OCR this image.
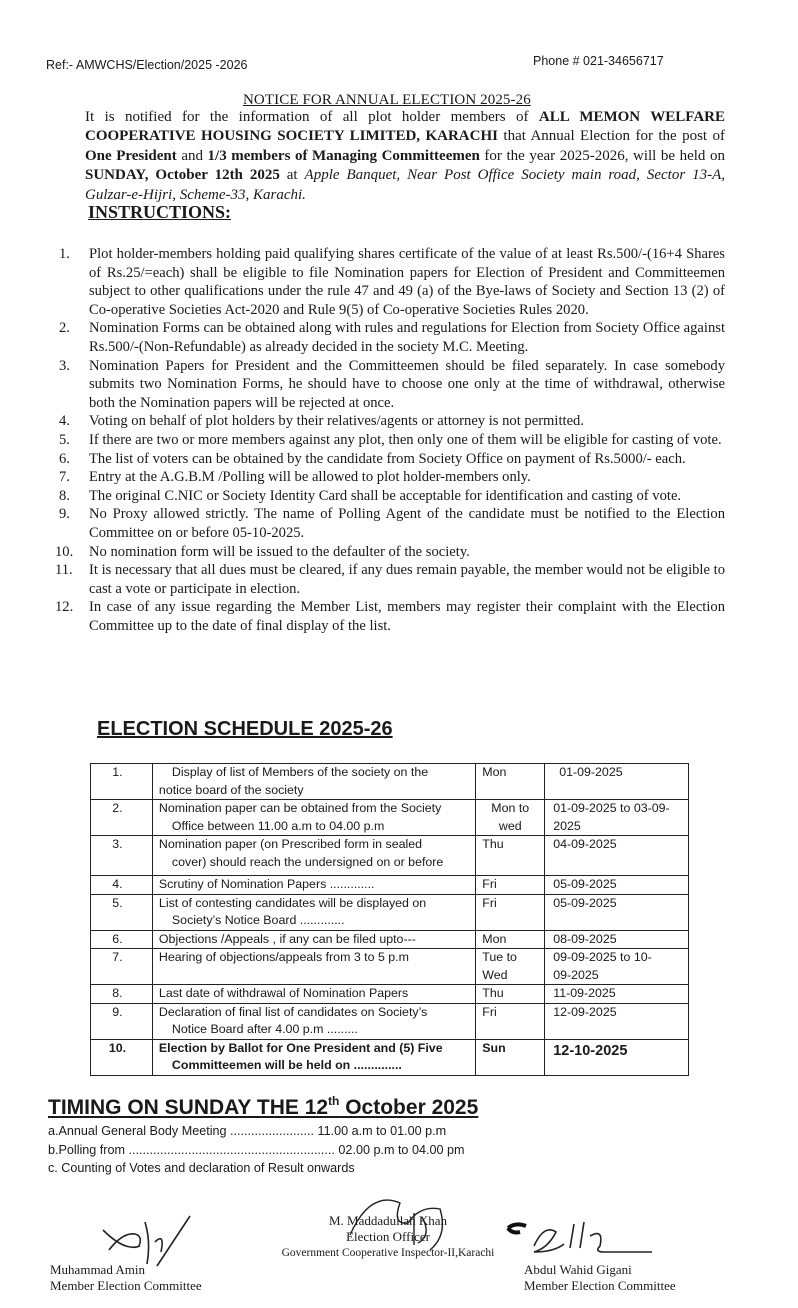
Ref:- AMWCHS/Election/2025 -2026	Phone # 021-34656717
NOTICE FOR ANNUAL ELECTION 2025-26
It is notified for the information of all plot holder members of ALL MEMON WELFARE COOPERATIVE HOUSING SOCIETY LIMITED, KARACHI that Annual Election for the post of One President and 1/3 members of Managing Committeemen for the year 2025-2026, will be held on SUNDAY, October 12th 2025 at Apple Banquet, Near Post Office Society main road, Sector 13-A, Gulzar-e-Hijri, Scheme-33, Karachi.
INSTRUCTIONS:
1.	Plot holder-members holding paid qualifying shares certificate of the value of at least Rs.500/-(16+4 Shares of Rs.25/=each) shall be eligible to file Nomination papers for Election of President and Committeemen subject to other qualifications under the rule 47 and 49 (a) of the Bye-laws of Society and Section 13 (2) of Co-operative Societies Act-2020 and Rule 9(5) of Co-operative Societies Rules 2020.
2.	Nomination Forms can be obtained along with rules and regulations for Election from Society Office against Rs.500/-(Non-Refundable) as already decided in the society M.C. Meeting.
3.	Nomination Papers for President and the Committeemen should be filed separately. In case somebody submits two Nomination Forms, he should have to choose one only at the time of withdrawal, otherwise both the Nomination papers will be rejected at once.
4.	Voting on behalf of plot holders by their relatives/agents or attorney is not permitted.
5.	If there are two or more members against any plot, then only one of them will be eligible for casting of vote.
6.	The list of voters can be obtained by the candidate from Society Office on payment of Rs.5000/- each.
7.	Entry at the A.G.B.M /Polling will be allowed to plot holder-members only.
8.	The original C.NIC or Society Identity Card shall be acceptable for identification and casting of vote.
9.	No Proxy allowed strictly. The name of Polling Agent of the candidate must be notified to the Election Committee on or before 05-10-2025.
10.	No nomination form will be issued to the defaulter of the society.
11.	It is necessary that all dues must be cleared, if any dues remain payable, the member would not be eligible to cast a vote or participate in election.
12.	In case of any issue regarding the Member List, members may register their complaint with the Election Committee up to the date of final display of the list.
ELECTION SCHEDULE 2025-26
1.	Display of list of Members of the society on the
notice board of the society	Mon	01-09-2025
2.	Nomination paper can be obtained from the Society
Office between 11.00 a.m to 04.00 p.m	Mon to wed	01-09-2025 to 03-09-2025
3.	Nomination paper (on Prescribed form in sealed
cover) should reach the undersigned on or before	Thu	04-09-2025
4.	Scrutiny of Nomination Papers .............	Fri	05-09-2025
5.	List of contesting candidates will be displayed on
Society’s Notice Board .............	Fri	05-09-2025
6.	Objections /Appeals , if any can be filed upto---	Mon	08-09-2025
7.	Hearing of objections/appeals from 3 to 5 p.m	Tue to Wed	09-09-2025 to 10-09-2025
8.	Last date of withdrawal of Nomination Papers	Thu	11-09-2025
9.	Declaration of final list of candidates on Society’s
Notice Board after 4.00 p.m .........	Fri	12-09-2025
10.	Election by Ballot for One President and (5) Five
Committeemen will be held on ..............	Sun	12-10-2025
TIMING ON SUNDAY THE 12th October 2025
a.Annual General Body Meeting ........................ 11.00 a.m to 01.00 p.m
b.Polling from ........................................................... 02.00 p.m to 04.00 pm
c. Counting of Votes and declaration of Result onwards
Muhammad Amin
Member Election Committee
M. Maddadullah Khan
Election Officer
Government Cooperative Inspector-II,Karachi
Abdul Wahid Gigani
Member Election Committee
